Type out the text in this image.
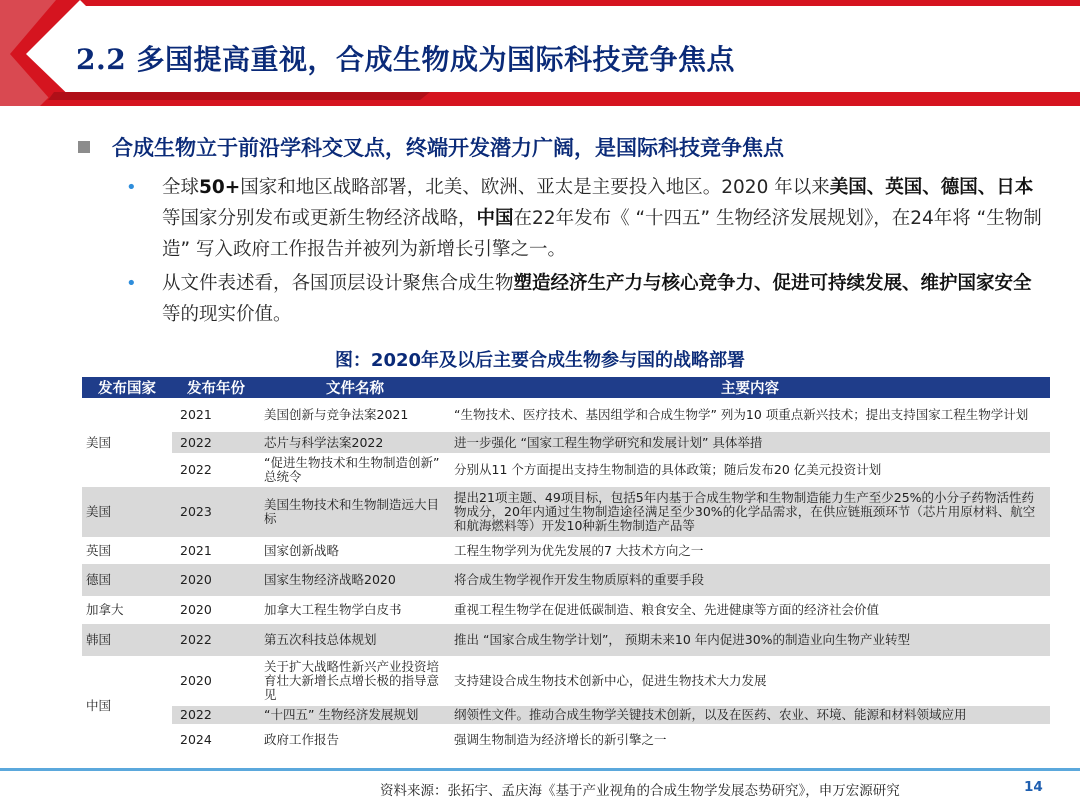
2.2 多国提高重视，合成生物成为国际科技竞争焦点
合成生物立于前沿学科交叉点，终端开发潜力广阔，是国际科技竞争焦点
• 全球50+国家和地区战略部署，北美、欧洲、亚太是主要投入地区。2020 年以来美国、英国、德国、日本等国家分别发布或更新生物经济战略，中国在22年发布《 “十四五” 生物经济发展规划》，在24年将 “生物制造” 写入政府工作报告并被列为新增长引擎之一。
• 从文件表述看，各国顶层设计聚焦合成生物塑造经济生产力与核心竞争力、促进可持续发展、维护国家安全等的现实价值。
图：2020年及以后主要合成生物参与国的战略部署
发布国家	发布年份	文件名称	主要内容
美国	2021	美国创新与竞争法案2021	“生物技术、医疗技术、基因组学和合成生物学” 列为10 项重点新兴技术；提出支持国家工程生物学计划
	2022	芯片与科学法案2022	进一步强化 “国家工程生物学研究和发展计划” 具体举措
	2022	“促进生物技术和生物制造创新” 总统令	分别从11 个方面提出支持生物制造的具体政策；随后发布20 亿美元投资计划
美国	2023	美国生物技术和生物制造远大目标	提出21项主题、49项目标，包括5年内基于合成生物学和生物制造能力生产至少25%的小分子药物活性药物成分，20年内通过生物制造途径满足至少30%的化学品需求，在供应链瓶颈环节（芯片用原材料、航空和航海燃料等）开发10种新生物制造产品等
英国	2021	国家创新战略	工程生物学列为优先发展的7 大技术方向之一
德国	2020	国家生物经济战略2020	将合成生物学视作开发生物质原料的重要手段
加拿大	2020	加拿大工程生物学白皮书	重视工程生物学在促进低碳制造、粮食安全、先进健康等方面的经济社会价值
韩国	2022	第五次科技总体规划	推出 “国家合成生物学计划”， 预期未来10 年内促进30%的制造业向生物产业转型
中国	2020	关于扩大战略性新兴产业投资培育壮大新增长点增长极的指导意见	支持建设合成生物技术创新中心，促进生物技术大力发展
	2022	“十四五” 生物经济发展规划	纲领性文件。推动合成生物学关键技术创新，以及在医药、农业、环境、能源和材料领域应用
	2024	政府工作报告	强调生物制造为经济增长的新引擎之一
资料来源：张拓宇、孟庆海《基于产业视角的合成生物学发展态势研究》，申万宏源研究	14
